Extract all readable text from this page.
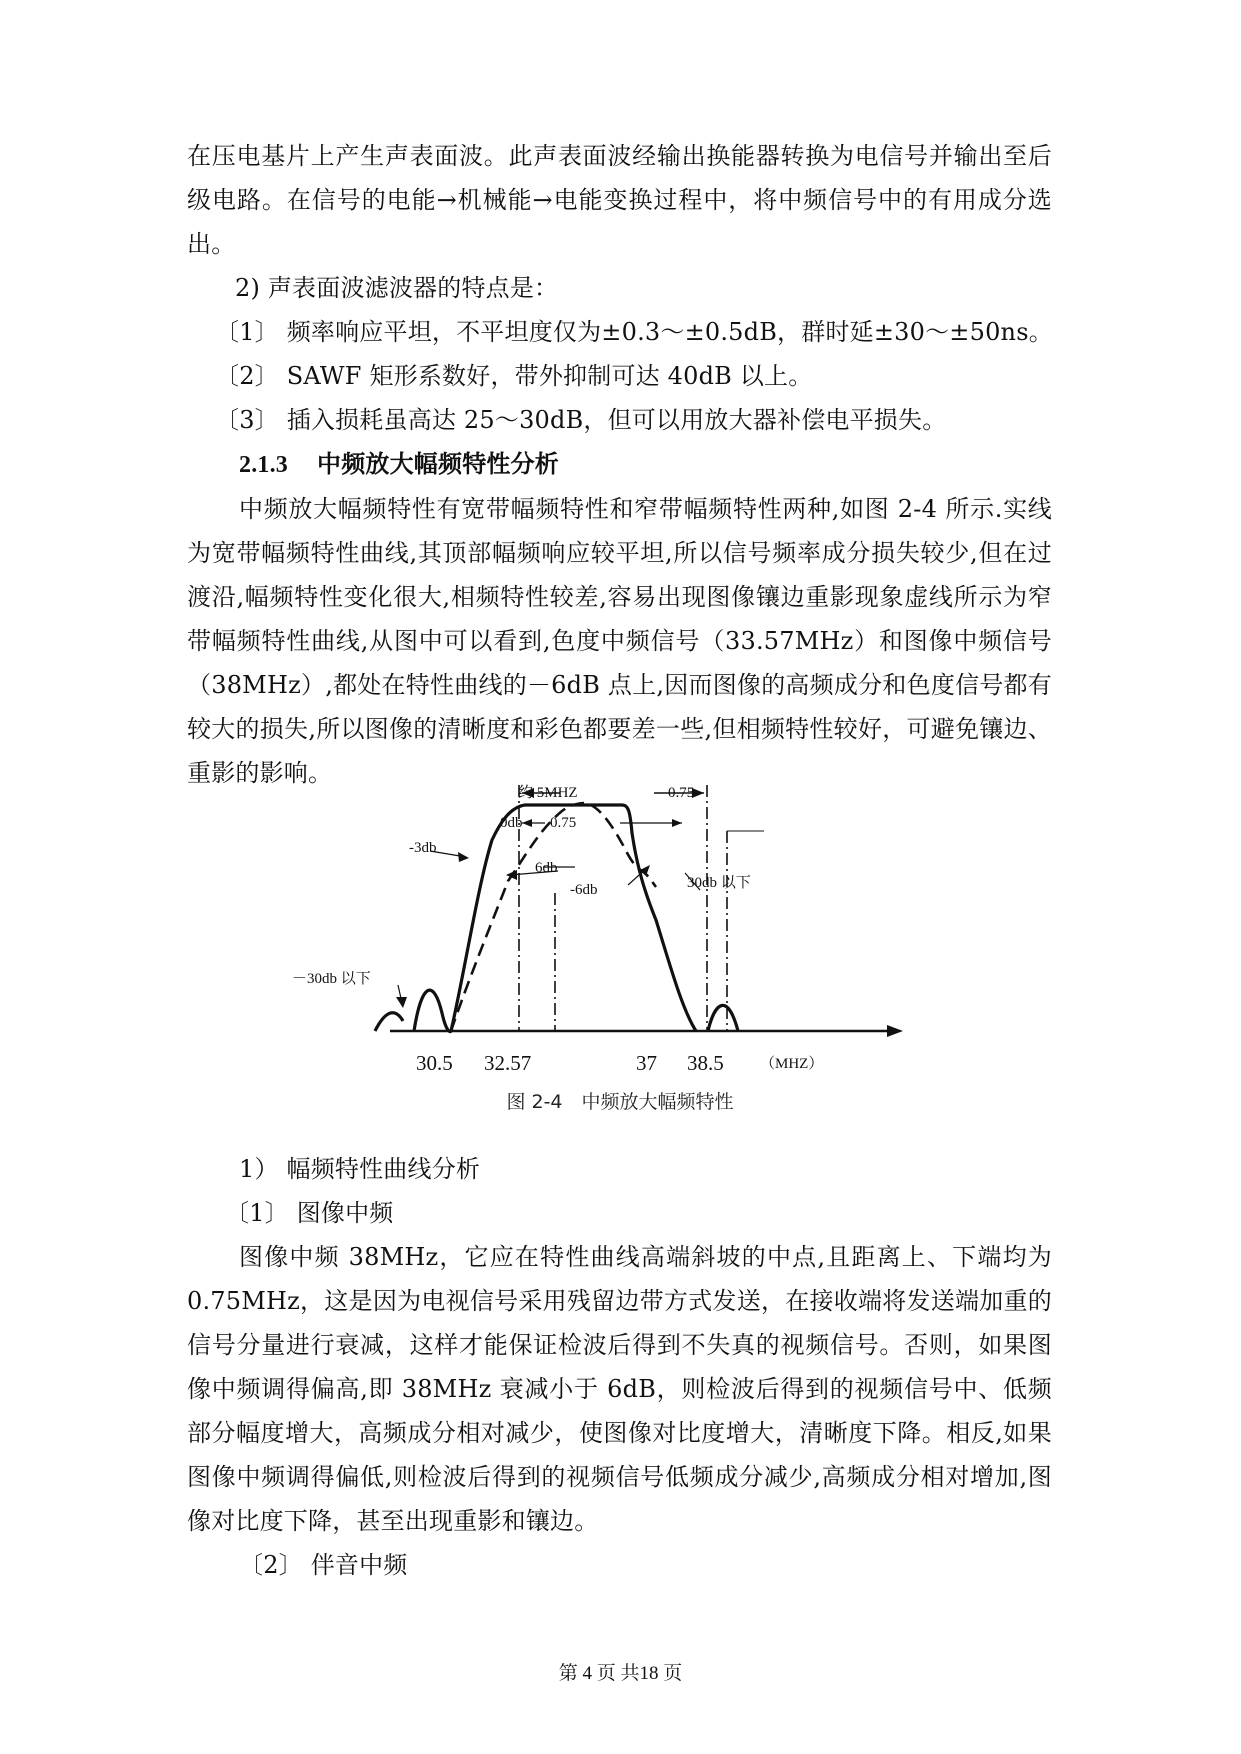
在压电基片上产生声表面波。此声表面波经输出换能器转换为电信号并输出至后级电路。在信号的电能→机械能→电能变换过程中，将中频信号中的有用成分选出。

2) 声表面波滤波器的特点是：

〔1〕 频率响应平坦，不平坦度仅为±0.3～±0.5dB，群时延±30～±50ns。

〔2〕 SAWF 矩形系数好，带外抑制可达 40dB 以上。

〔3〕 插入损耗虽高达 25～30dB，但可以用放大器补偿电平损失。

2.1.3 中频放大幅频特性分析

中频放大幅频特性有宽带幅频特性和窄带幅频特性两种,如图 2-4 所示.实线为宽带幅频特性曲线,其顶部幅频响应较平坦,所以信号频率成分损失较少,但在过渡沿,幅频特性变化很大,相频特性较差,容易出现图像镶边重影现象虚线所示为窄带幅频特性曲线,从图中可以看到,色度中频信号（33.57MHz）和图像中频信号（38MHz）,都处在特性曲线的－6dB 点上,因而图像的高频成分和色度信号都有较大的损失,所以图像的清晰度和彩色都要差一些,但相频特性较好，可避免镶边、重影的影响。

约 5MHZ	0.75
0db 0.75
-3db
6db
-6db
－30db 以下
30db 以下
30.5 32.57	37 38.5 （MHZ）
图 2-4　中频放大幅频特性

1） 幅频特性曲线分析

〔1〕 图像中频

图像中频 38MHz，它应在特性曲线高端斜坡的中点,且距离上、下端均为 0.75MHz，这是因为电视信号采用残留边带方式发送，在接收端将发送端加重的信号分量进行衰减，这样才能保证检波后得到不失真的视频信号。否则，如果图像中频调得偏高,即 38MHz 衰减小于 6dB，则检波后得到的视频信号中、低频部分幅度增大，高频成分相对减少，使图像对比度增大，清晰度下降。相反,如果图像中频调得偏低,则检波后得到的视频信号低频成分减少,高频成分相对增加,图像对比度下降，甚至出现重影和镶边。

〔2〕 伴音中频

第 4 页 共18 页
